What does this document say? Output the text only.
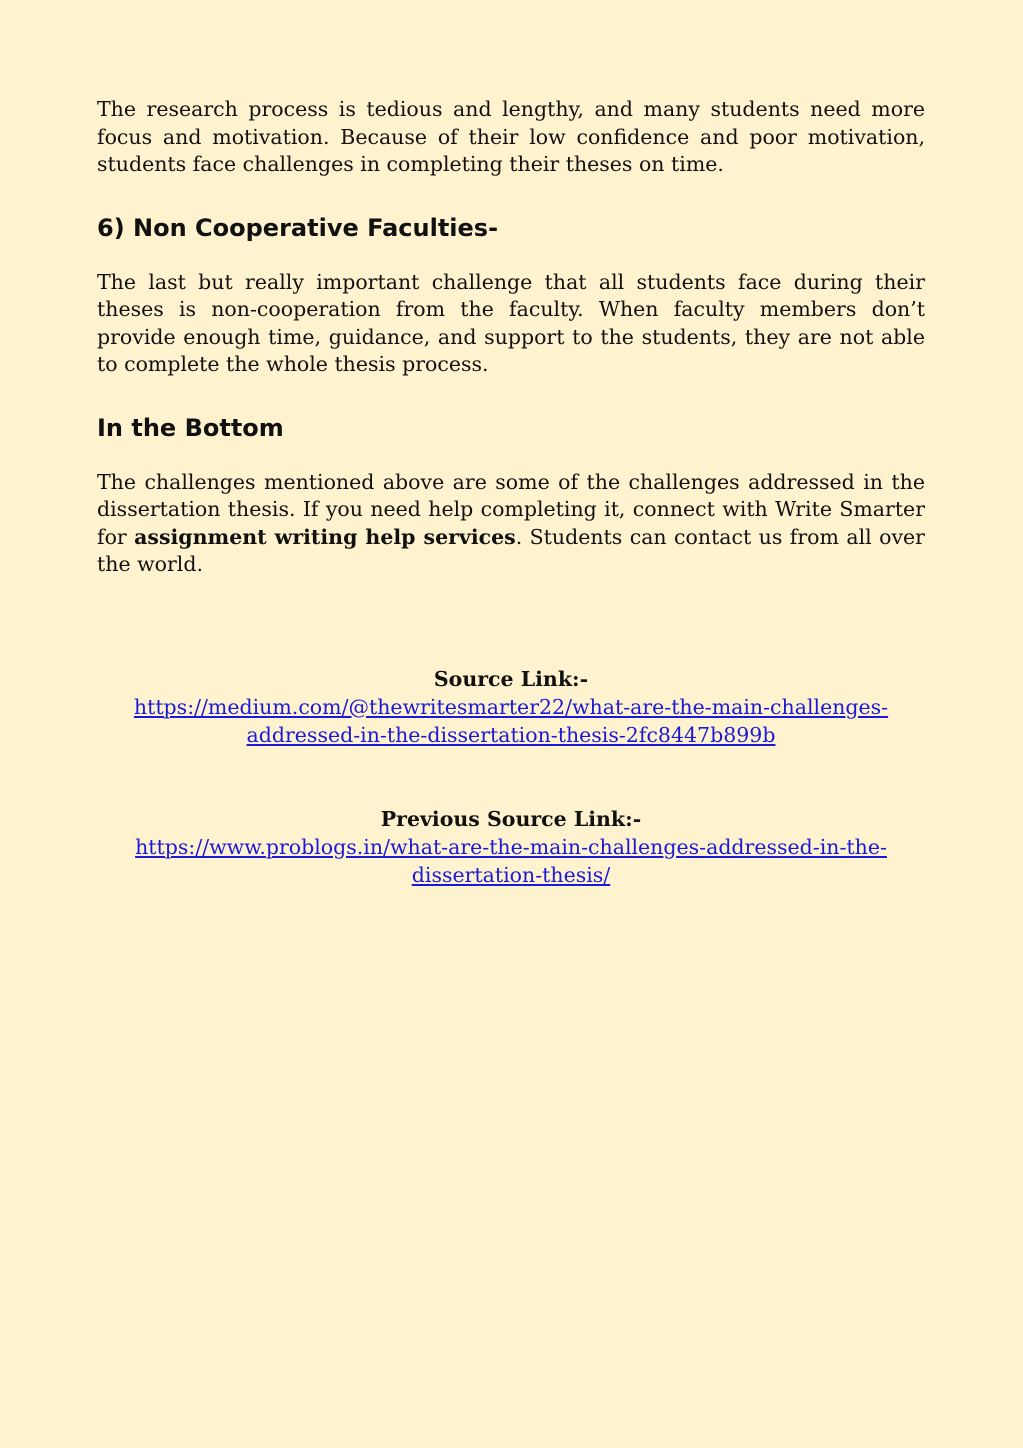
The research process is tedious and lengthy, and many students need more focus and motivation. Because of their low confidence and poor motivation, students face challenges in completing their theses on time.

6) Non Cooperative Faculties-

The last but really important challenge that all students face during their theses is non-cooperation from the faculty. When faculty members don’t provide enough time, guidance, and support to the students, they are not able to complete the whole thesis process.

In the Bottom

The challenges mentioned above are some of the challenges addressed in the dissertation thesis. If you need help completing it, connect with Write Smarter for assignment writing help services. Students can contact us from all over the world.

Source Link:-
https://medium.com/@thewritesmarter22/what-are-the-main-challenges-
addressed-in-the-dissertation-thesis-2fc8447b899b
Previous Source Link:-
https://www.problogs.in/what-are-the-main-challenges-addressed-in-the-
dissertation-thesis/
